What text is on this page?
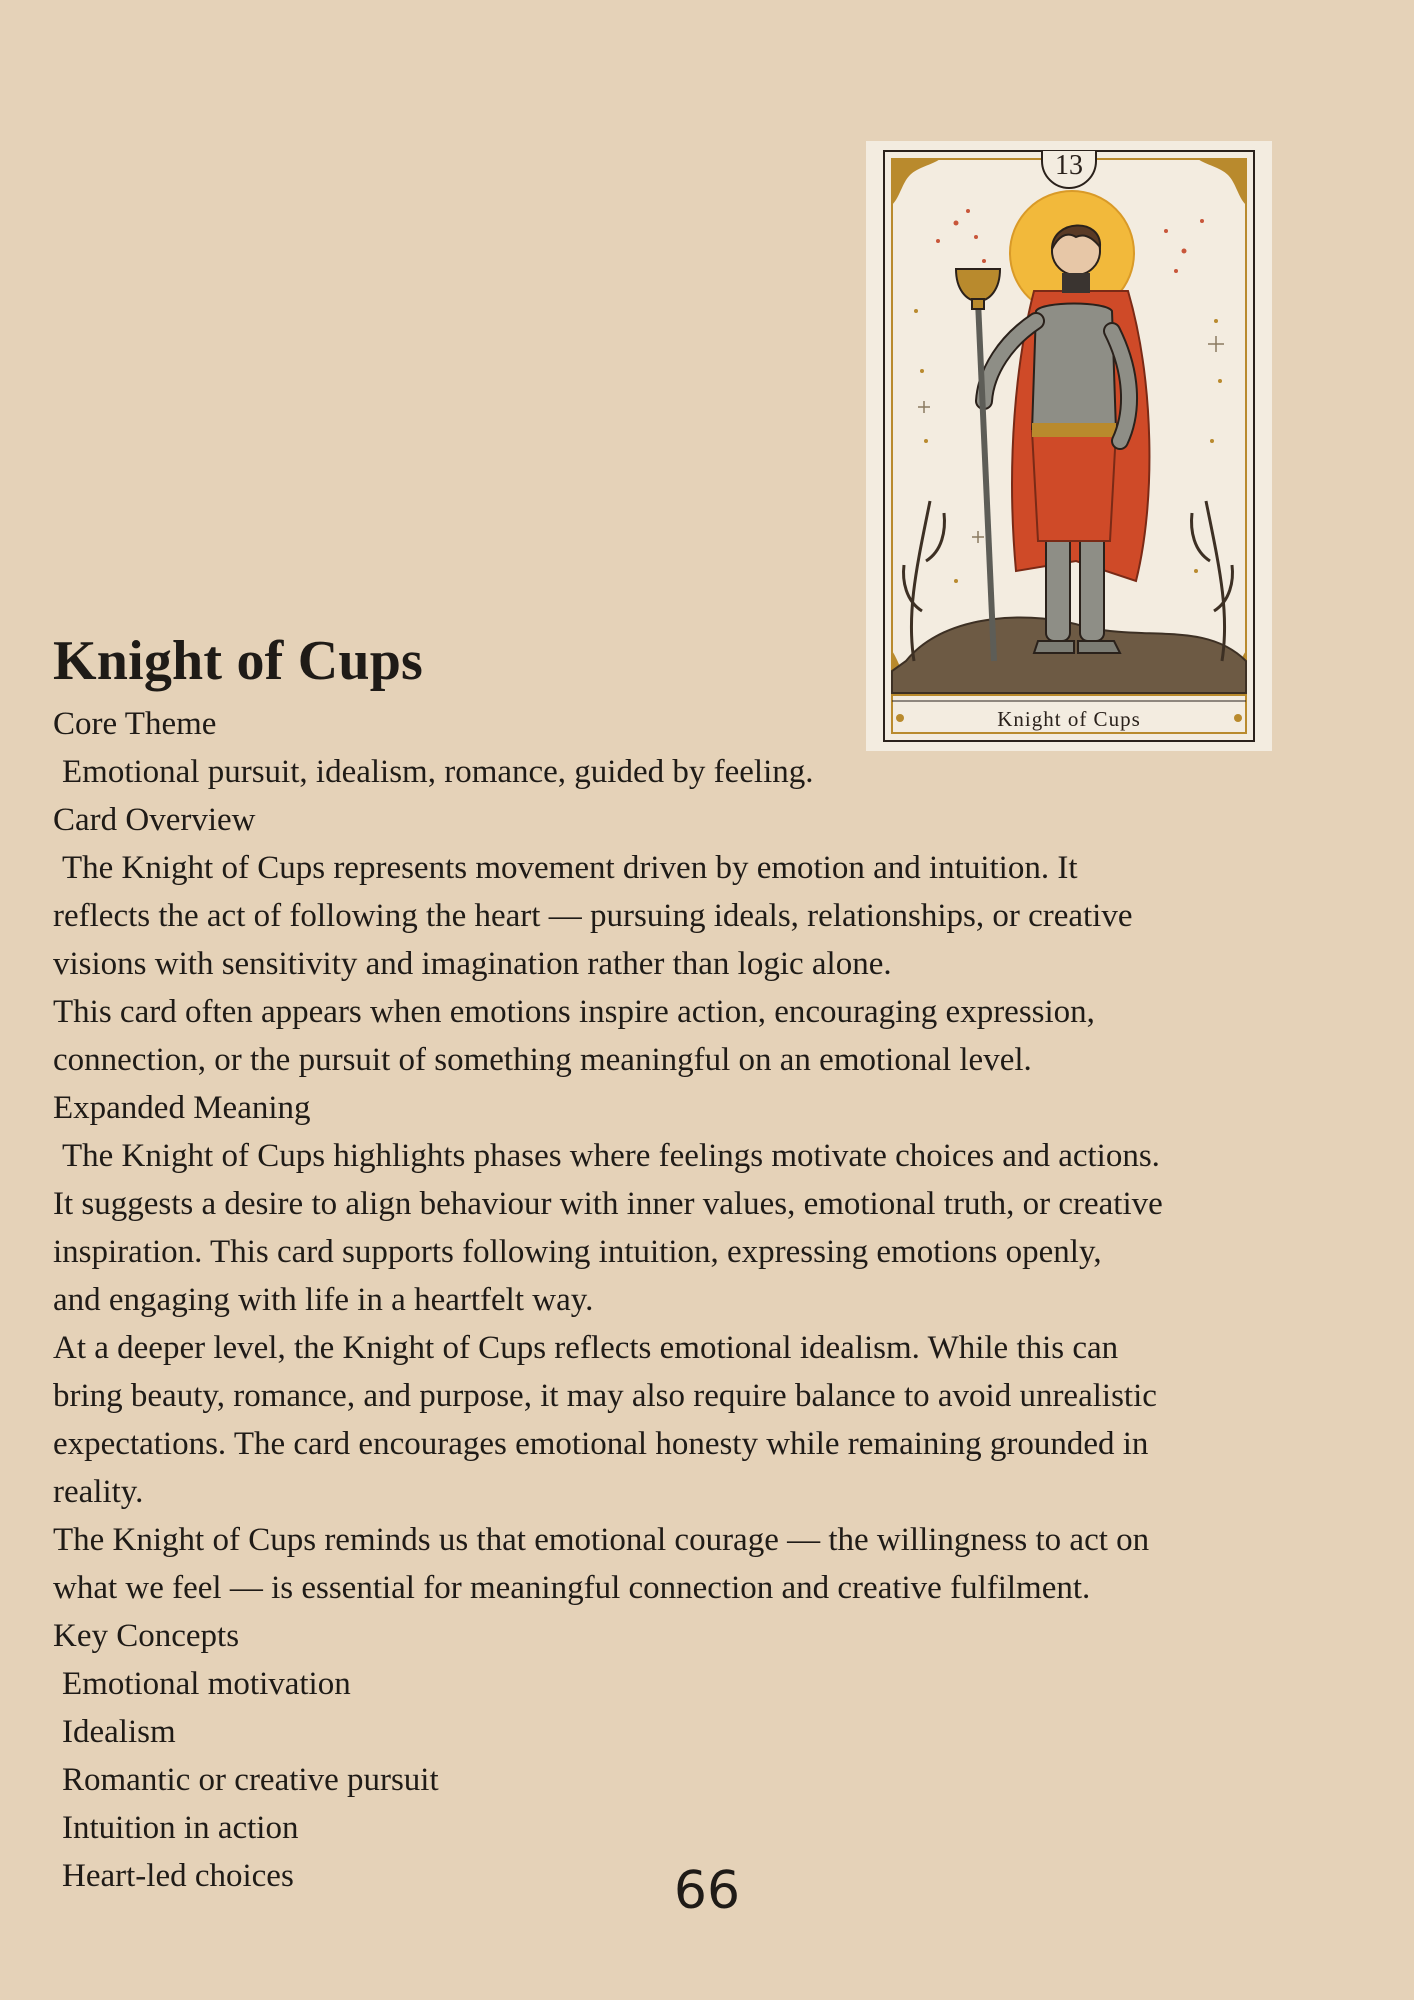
13
Knight of Cups
Knight of Cups
Core Theme
Emotional pursuit, idealism, romance, guided by feeling.
Card Overview
The Knight of Cups represents movement driven by emotion and intuition. It
reflects the act of following the heart — pursuing ideals, relationships, or creative
visions with sensitivity and imagination rather than logic alone.
This card often appears when emotions inspire action, encouraging expression,
connection, or the pursuit of something meaningful on an emotional level.
Expanded Meaning
The Knight of Cups highlights phases where feelings motivate choices and actions.
It suggests a desire to align behaviour with inner values, emotional truth, or creative
inspiration. This card supports following intuition, expressing emotions openly,
and engaging with life in a heartfelt way.
At a deeper level, the Knight of Cups reflects emotional idealism. While this can
bring beauty, romance, and purpose, it may also require balance to avoid unrealistic
expectations. The card encourages emotional honesty while remaining grounded in
reality.
The Knight of Cups reminds us that emotional courage — the willingness to act on
what we feel — is essential for meaningful connection and creative fulfilment.
Key Concepts
Emotional motivation
Idealism
Romantic or creative pursuit
Intuition in action
Heart-led choices	66
